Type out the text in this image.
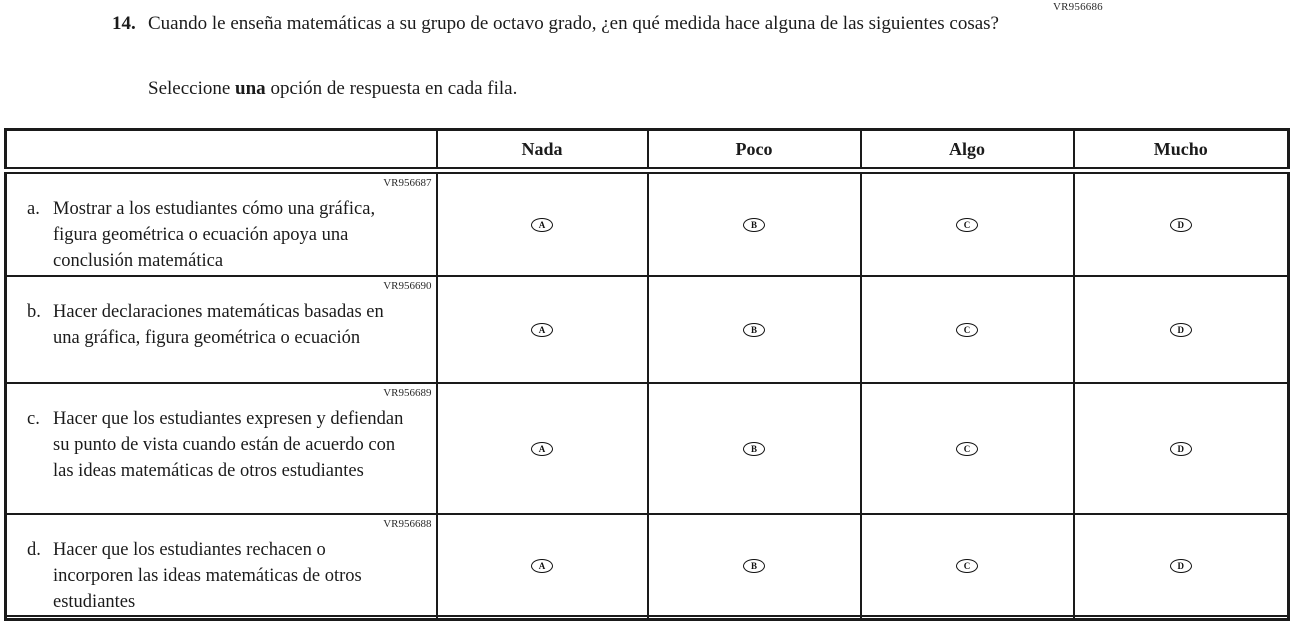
VR956686
14. Cuando le enseña matemáticas a su grupo de octavo grado, ¿en qué medida hace alguna de las siguientes cosas?
Seleccione una opción de respuesta en cada fila.
	Nada	Poco	Algo	Mucho

VR956687
a. Mostrar a los estudiantes cómo una gráfica, figura geométrica o ecuación apoya una conclusión matemática	A	B	C	D

VR956690
b. Hacer declaraciones matemáticas basadas en una gráfica, figura geométrica o ecuación	A	B	C	D

VR956689
c. Hacer que los estudiantes expresen y defiendan su punto de vista cuando están de acuerdo con las ideas matemáticas de otros estudiantes	A	B	C	D

VR956688
d. Hacer que los estudiantes rechacen o incorporen las ideas matemáticas de otros estudiantes	A	B	C	D
